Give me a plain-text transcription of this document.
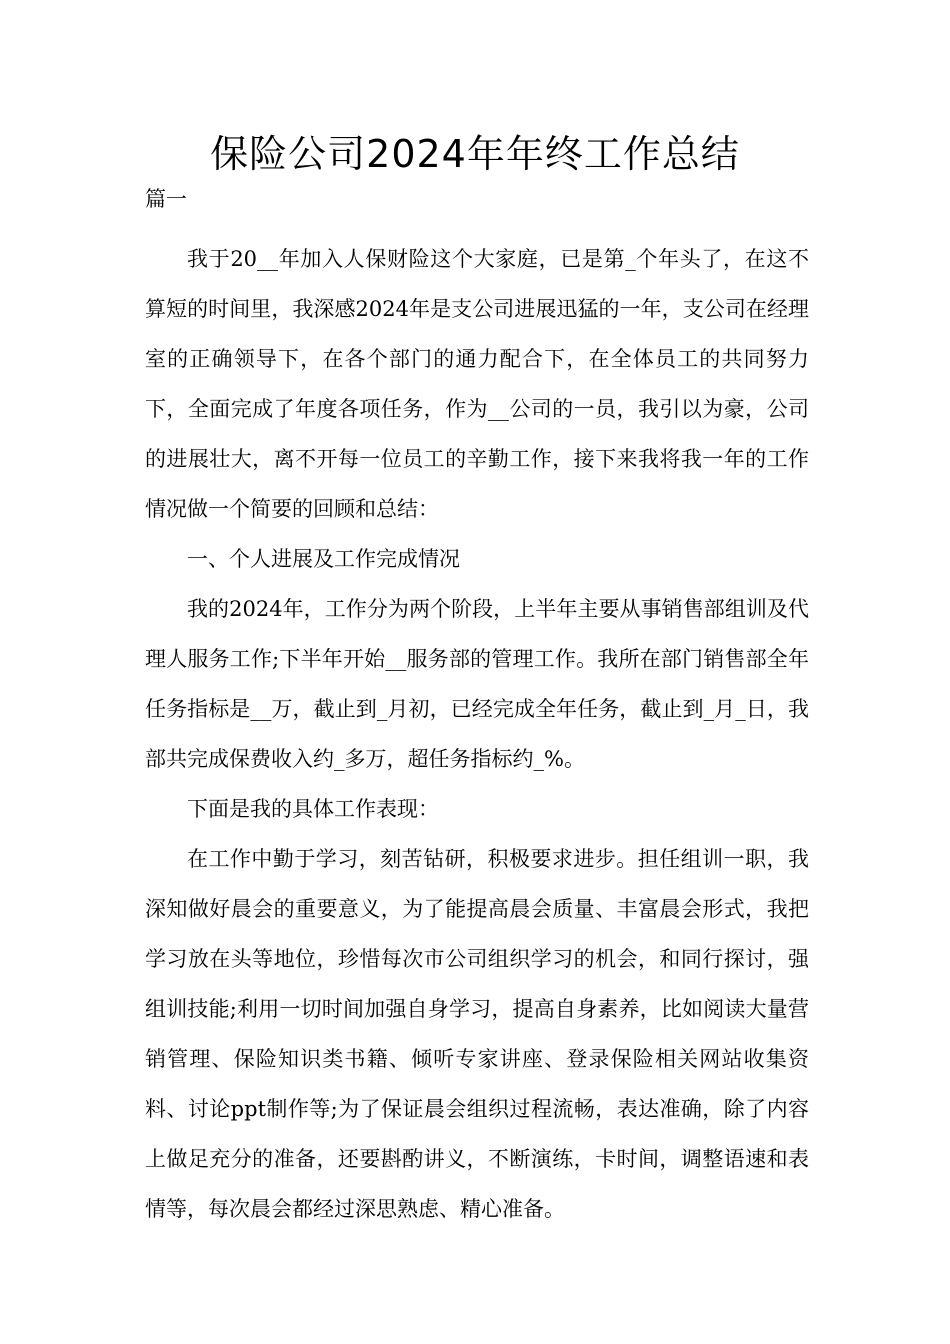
保险公司2024年年终工作总结
篇一

我于20__年加入人保财险这个大家庭，已是第_个年头了，在这不算短的时间里，我深感2024年是支公司进展迅猛的一年，支公司在经理室的正确领导下，在各个部门的通力配合下，在全体员工的共同努力下，全面完成了年度各项任务，作为__公司的一员，我引以为豪，公司的进展壮大，离不开每一位员工的辛勤工作，接下来我将我一年的工作情况做一个简要的回顾和总结：

一、个人进展及工作完成情况

我的2024年，工作分为两个阶段，上半年主要从事销售部组训及代理人服务工作;下半年开始__服务部的管理工作。我所在部门销售部全年任务指标是__万，截止到_月初，已经完成全年任务，截止到_月_日，我部共完成保费收入约_多万，超任务指标约_%。

下面是我的具体工作表现：

在工作中勤于学习，刻苦钻研，积极要求进步。担任组训一职，我深知做好晨会的重要意义，为了能提高晨会质量、丰富晨会形式，我把学习放在头等地位，珍惜每次市公司组织学习的机会，和同行探讨，强组训技能;利用一切时间加强自身学习，提高自身素养，比如阅读大量营销管理、保险知识类书籍、倾听专家讲座、登录保险相关网站收集资料、讨论ppt制作等;为了保证晨会组织过程流畅，表达准确，除了内容上做足充分的准备，还要斟酌讲义，不断演练，卡时间，调整语速和表情等，每次晨会都经过深思熟虑、精心准备。
